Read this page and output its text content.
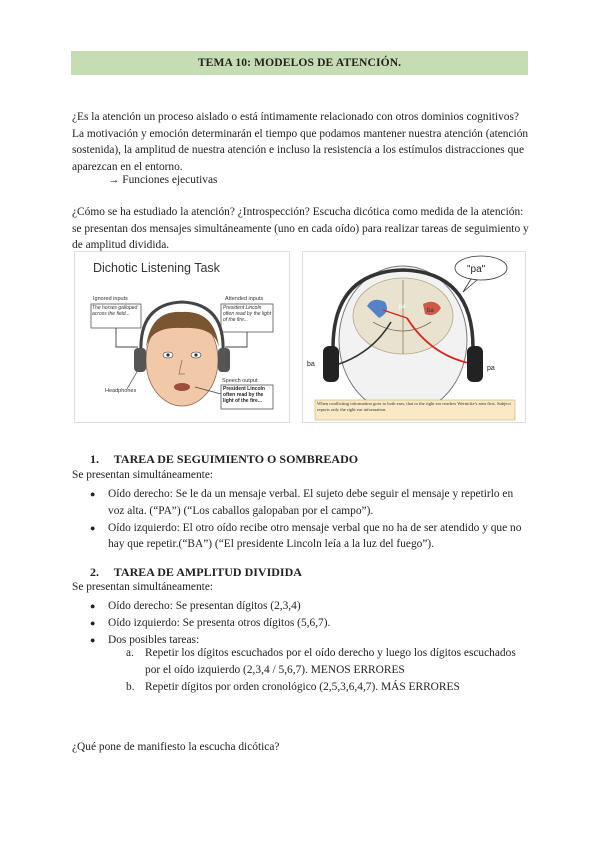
TEMA 10: MODELOS DE ATENCIÓN.

¿Es la atención un proceso aislado o está íntimamente relacionado con otros dominios cognitivos? La motivación y emoción determinarán el tiempo que podamos mantener nuestra atención (atención sostenida), la amplitud de nuestra atención e incluso la resistencia a los estímulos distracciones que aparezcan en el entorno.

→ Funciones ejecutivas

¿Cómo se ha estudiado la atención? ¿Introspección? Escucha dicótica como medida de la atención: se presentan dos mensajes simultáneamente (uno en cada oído) para realizar tareas de seguimiento y de amplitud dividida.

Dichotic Listening Task
Ignored inputs
The horses galloped across the field...
Attended inputs
President Lincoln often read by the light of the fire...
Headphones
Speech output
President Lincoln often read by the light of the fire...
"pa"
pa
ba
ba
pa
When conflicting information goes to both ears, that to the right ear reaches Wernicke's area first. Subject reports only the right ear information.
1. TAREA DE SEGUIMIENTO O SOMBREADO
Se presentan simultáneamente:
● Oído derecho: Se le da un mensaje verbal. El sujeto debe seguir el mensaje y repetirlo en voz alta. (“PA”) (“Los caballos galopaban por el campo”).
● Oído izquierdo: El otro oído recibe otro mensaje verbal que no ha de ser atendido y que no hay que repetir.(“BA”) (“El presidente Lincoln leía a la luz del fuego”).
2. TAREA DE AMPLITUD DIVIDIDA
Se presentan simultáneamente:
● Oído derecho: Se presentan dígitos (2,3,4)
● Oído izquierdo: Se presenta otros dígitos (5,6,7).
● Dos posibles tareas:
a. Repetir los dígitos escuchados por el oído derecho y luego los dígitos escuchados por el oído izquierdo (2,3,4 / 5,6,7). MENOS ERRORES
b. Repetir dígitos por orden cronológico (2,5,3,6,4,7). MÁS ERRORES
¿Qué pone de manifiesto la escucha dicótica?
